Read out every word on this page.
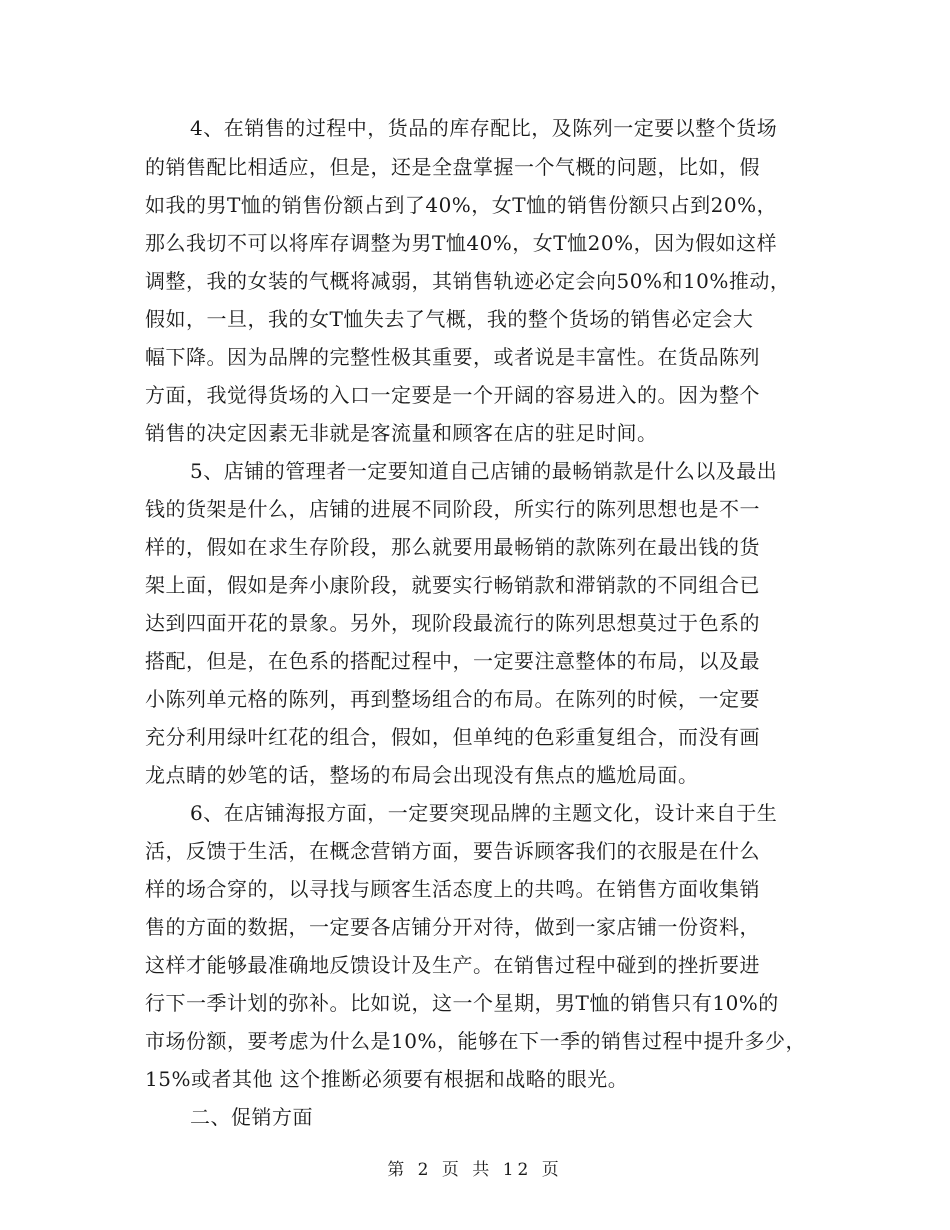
4、在销售的过程中，货品的库存配比，及陈列一定要以整个货场
的销售配比相适应，但是，还是全盘掌握一个气概的问题，比如，假
如我的男T恤的销售份额占到了40%，女T恤的销售份额只占到20%，
那么我切不可以将库存调整为男T恤40%，女T恤20%，因为假如这样
调整，我的女装的气概将减弱，其销售轨迹必定会向50%和10%推动，
假如，一旦，我的女T恤失去了气概，我的整个货场的销售必定会大
幅下降。因为品牌的完整性极其重要，或者说是丰富性。在货品陈列
方面，我觉得货场的入口一定要是一个开阔的容易进入的。因为整个
销售的决定因素无非就是客流量和顾客在店的驻足时间。
5、店铺的管理者一定要知道自己店铺的最畅销款是什么以及最出
钱的货架是什么，店铺的进展不同阶段，所实行的陈列思想也是不一
样的，假如在求生存阶段，那么就要用最畅销的款陈列在最出钱的货
架上面，假如是奔小康阶段，就要实行畅销款和滞销款的不同组合已
达到四面开花的景象。另外，现阶段最流行的陈列思想莫过于色系的
搭配，但是，在色系的搭配过程中，一定要注意整体的布局，以及最
小陈列单元格的陈列，再到整场组合的布局。在陈列的时候，一定要
充分利用绿叶红花的组合，假如，但单纯的色彩重复组合，而没有画
龙点睛的妙笔的话，整场的布局会出现没有焦点的尴尬局面。
6、在店铺海报方面，一定要突现品牌的主题文化，设计来自于生
活，反馈于生活，在概念营销方面，要告诉顾客我们的衣服是在什么
样的场合穿的，以寻找与顾客生活态度上的共鸣。在销售方面收集销
售的方面的数据，一定要各店铺分开对待，做到一家店铺一份资料，
这样才能够最准确地反馈设计及生产。在销售过程中碰到的挫折要进
行下一季计划的弥补。比如说，这一个星期，男T恤的销售只有10%的
市场份额，要考虑为什么是10%，能够在下一季的销售过程中提升多少，
15%或者其他 这个推断必须要有根据和战略的眼光。
二、促销方面
第 2 页 共 12 页
